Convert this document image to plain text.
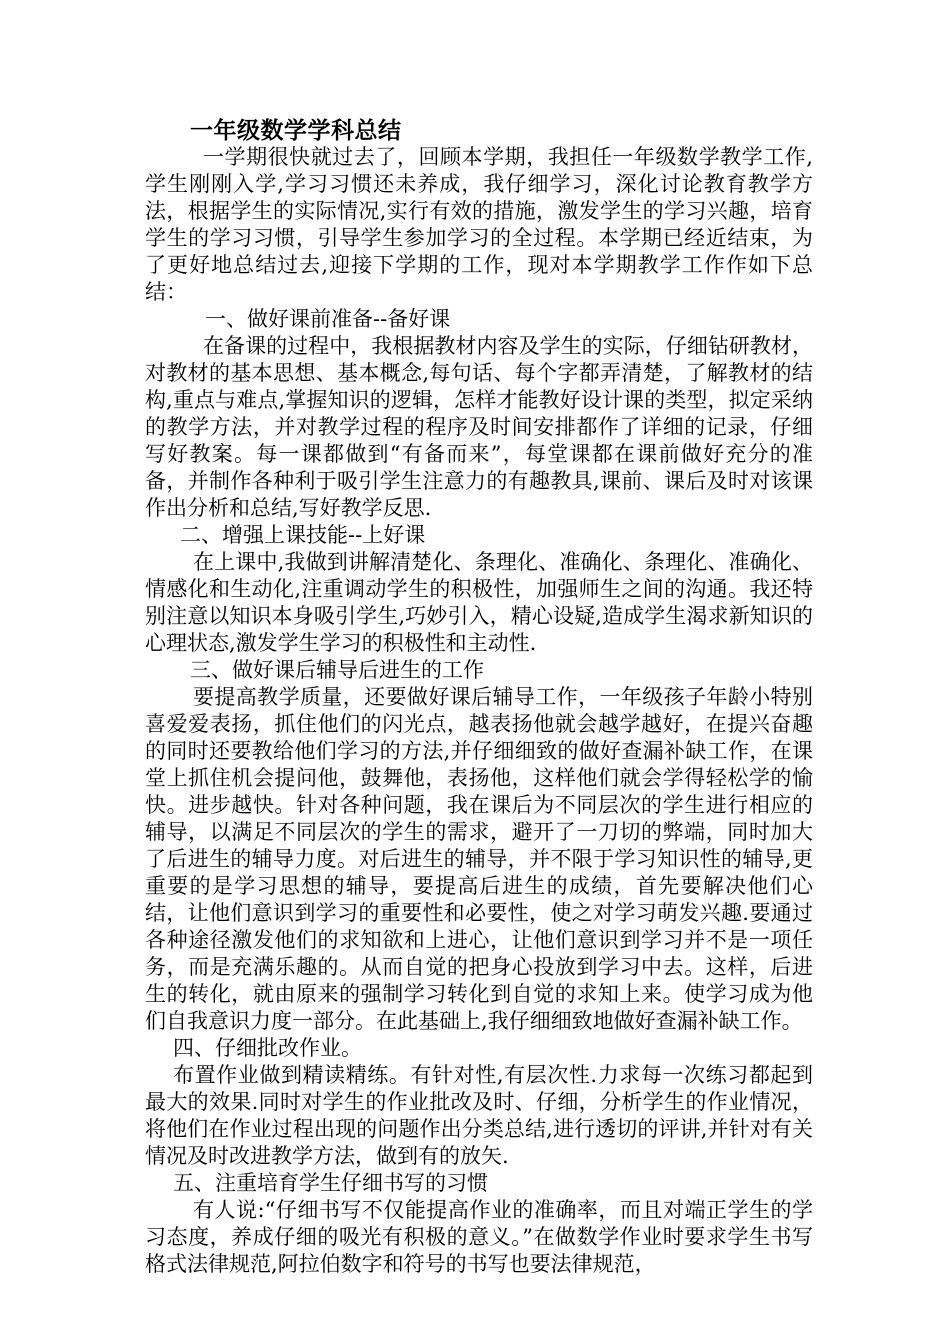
一年级数学学科总结

一学期很快就过去了，回顾本学期，我担任一年级数学教学工作,学生刚刚入学,学习习惯还未养成，我仔细学习，深化讨论教育教学方法，根据学生的实际情况,实行有效的措施，激发学生的学习兴趣，培育学生的学习习惯，引导学生参加学习的全过程。本学期已经近结束，为了更好地总结过去,迎接下学期的工作，现对本学期教学工作作如下总结：

一、做好课前准备--备好课

在备课的过程中，我根据教材内容及学生的实际，仔细钻研教材，对教材的基本思想、基本概念,每句话、每个字都弄清楚，了解教材的结构,重点与难点,掌握知识的逻辑，怎样才能教好设计课的类型，拟定采纳的教学方法，并对教学过程的程序及时间安排都作了详细的记录，仔细写好教案。每一课都做到“有备而来”，每堂课都在课前做好充分的准备，并制作各种利于吸引学生注意力的有趣教具,课前、课后及时对该课作出分析和总结,写好教学反思.

二、增强上课技能--上好课

在上课中,我做到讲解清楚化、条理化、准确化、条理化、准确化、情感化和生动化,注重调动学生的积极性，加强师生之间的沟通。我还特别注意以知识本身吸引学生,巧妙引入，精心设疑,造成学生渴求新知识的心理状态,激发学生学习的积极性和主动性.

三、做好课后辅导后进生的工作

要提高教学质量，还要做好课后辅导工作，一年级孩子年龄小特别喜爱爱表扬，抓住他们的闪光点，越表扬他就会越学越好，在提兴奋趣的同时还要教给他们学习的方法,并仔细细致的做好查漏补缺工作，在课堂上抓住机会提问他，鼓舞他，表扬他，这样他们就会学得轻松学的愉快。进步越快。针对各种问题，我在课后为不同层次的学生进行相应的辅导，以满足不同层次的学生的需求，避开了一刀切的弊端，同时加大了后进生的辅导力度。对后进生的辅导，并不限于学习知识性的辅导,更重要的是学习思想的辅导，要提高后进生的成绩，首先要解决他们心结，让他们意识到学习的重要性和必要性，使之对学习萌发兴趣.要通过各种途径激发他们的求知欲和上进心，让他们意识到学习并不是一项任务，而是充满乐趣的。从而自觉的把身心投放到学习中去。这样，后进生的转化，就由原来的强制学习转化到自觉的求知上来。使学习成为他们自我意识力度一部分。在此基础上,我仔细细致地做好查漏补缺工作。

四、仔细批改作业。

布置作业做到精读精练。有针对性,有层次性.力求每一次练习都起到最大的效果.同时对学生的作业批改及时、仔细，分析学生的作业情况，将他们在作业过程出现的问题作出分类总结,进行透切的评讲,并针对有关情况及时改进教学方法，做到有的放矢.

五、注重培育学生仔细书写的习惯

有人说:“仔细书写不仅能提高作业的准确率，而且对端正学生的学习态度，养成仔细的吸光有积极的意义。”在做数学作业时要求学生书写格式法律规范,阿拉伯数字和符号的书写也要法律规范，
